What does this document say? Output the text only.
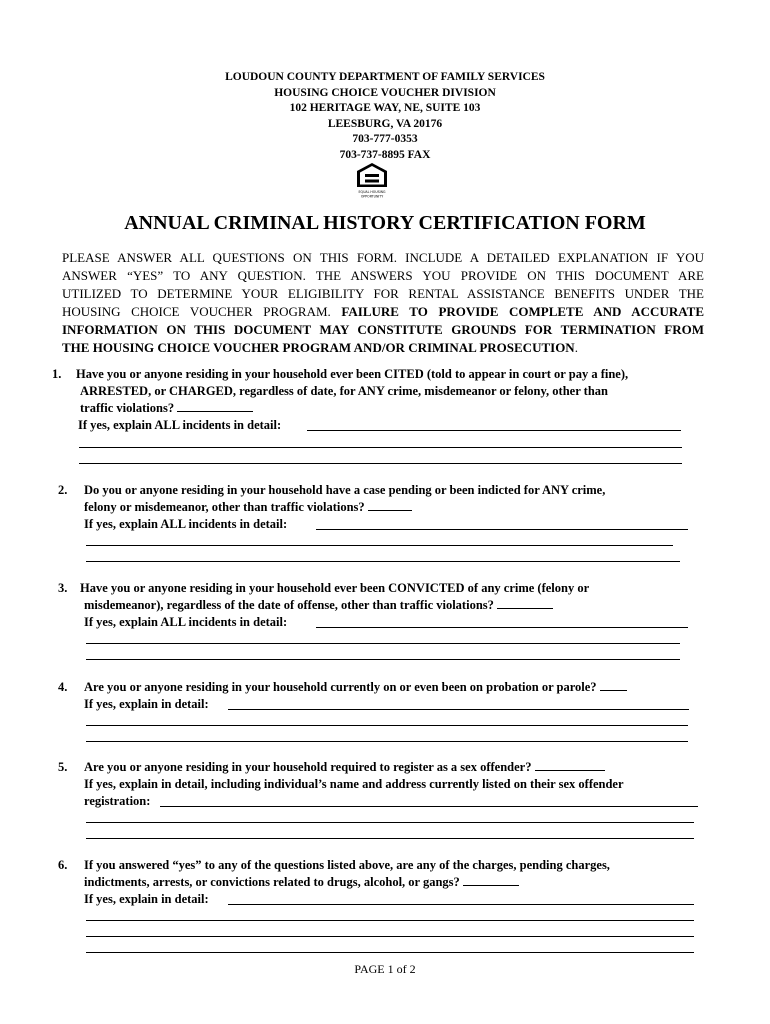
LOUDOUN COUNTY DEPARTMENT OF FAMILY SERVICES
HOUSING CHOICE VOUCHER DIVISION
102 HERITAGE WAY, NE, SUITE 103
LEESBURG, VA 20176
703-777-0353
703-737-8895 FAX
EQUAL HOUSING
OPPORTUNITY
ANNUAL CRIMINAL HISTORY CERTIFICATION FORM
PLEASE ANSWER ALL QUESTIONS ON THIS FORM. INCLUDE A DETAILED EXPLANATION IF YOU
ANSWER “YES” TO ANY QUESTION. THE ANSWERS YOU PROVIDE ON THIS DOCUMENT ARE
UTILIZED TO DETERMINE YOUR ELIGIBILITY FOR RENTAL ASSISTANCE BENEFITS UNDER THE
HOUSING CHOICE VOUCHER PROGRAM. FAILURE TO PROVIDE COMPLETE AND ACCURATE
INFORMATION ON THIS DOCUMENT MAY CONSTITUTE GROUNDS FOR TERMINATION FROM
THE HOUSING CHOICE VOUCHER PROGRAM AND/OR CRIMINAL PROSECUTION.
1. Have you or anyone residing in your household ever been CITED (told to appear in court or pay a fine),
ARRESTED, or CHARGED, regardless of date, for ANY crime, misdemeanor or felony, other than
traffic violations?
If yes, explain ALL incidents in detail:
2. Do you or anyone residing in your household have a case pending or been indicted for ANY crime,
felony or misdemeanor, other than traffic violations?
If yes, explain ALL incidents in detail:
3. Have you or anyone residing in your household ever been CONVICTED of any crime (felony or
misdemeanor), regardless of the date of offense, other than traffic violations?
If yes, explain ALL incidents in detail:
4. Are you or anyone residing in your household currently on or even been on probation or parole?
If yes, explain in detail:
5. Are you or anyone residing in your household required to register as a sex offender?
If yes, explain in detail, including individual’s name and address currently listed on their sex offender
registration:
6. If you answered “yes” to any of the questions listed above, are any of the charges, pending charges,
indictments, arrests, or convictions related to drugs, alcohol, or gangs?
If yes, explain in detail:
PAGE 1 of 2
